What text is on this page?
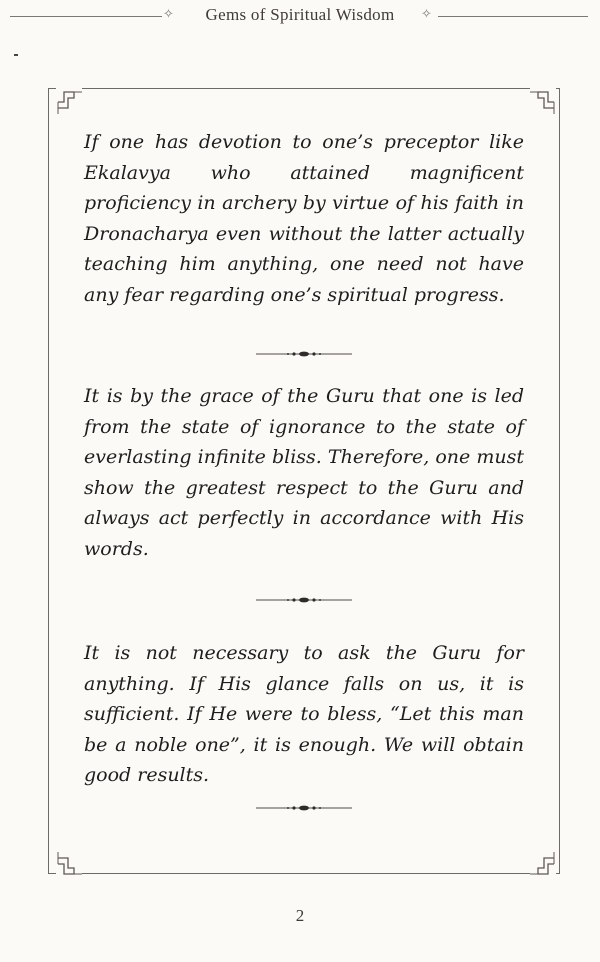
✧	Gems of Spiritual Wisdom	✧
If one has devotion to one’s preceptor like Ekalavya who attained magnificent proficiency in archery by virtue of his faith in Dronacharya even without the latter actually teaching him anything, one need not have any fear regarding one’s spiritual progress.
It is by the grace of the Guru that one is led from the state of ignorance to the state of everlasting infinite bliss. Therefore, one must show the greatest respect to the Guru and always act perfectly in accordance with His words.
It is not necessary to ask the Guru for anything. If His glance falls on us, it is sufficient. If He were to bless, “Let this man be a noble one”, it is enough. We will obtain good results.
2
